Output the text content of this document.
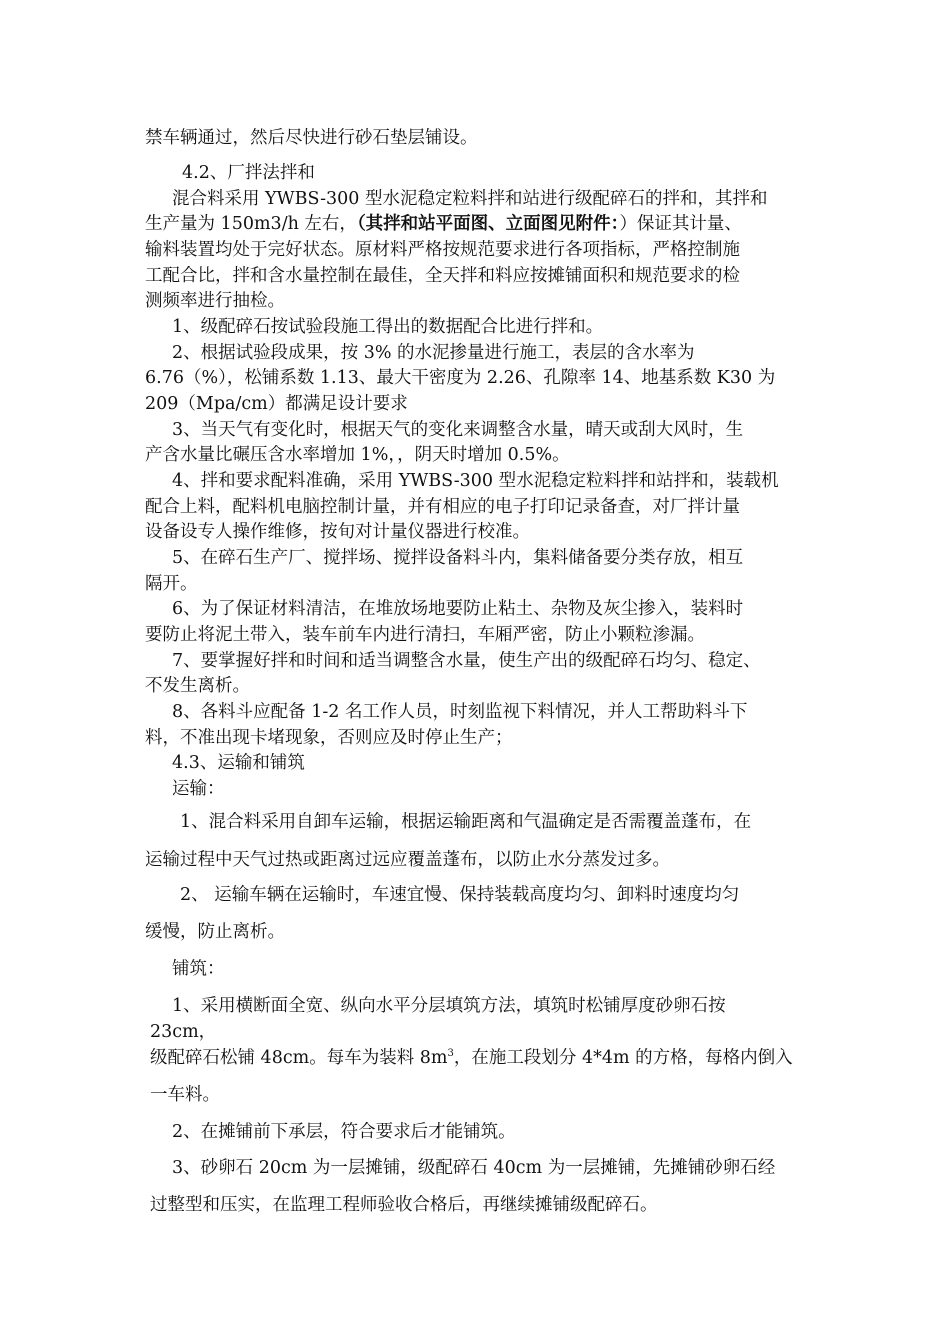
禁车辆通过，然后尽快进行砂石垫层铺设。
4.2、厂拌法拌和
混合料采用 YWBS-300 型水泥稳定粒料拌和站进行级配碎石的拌和，其拌和
生产量为 150m3/h 左右，（其拌和站平面图、立面图见附件：）保证其计量、
输料装置均处于完好状态。原材料严格按规范要求进行各项指标，严格控制施
工配合比，拌和含水量控制在最佳，全天拌和料应按摊铺面积和规范要求的检
测频率进行抽检。
1、级配碎石按试验段施工得出的数据配合比进行拌和。
2、根据试验段成果，按 3% 的水泥掺量进行施工，表层的含水率为
6.76（%），松铺系数 1.13、最大干密度为 2.26、孔隙率 14、地基系数 K30 为
209（Mpa/cm）都满足设计要求
3、当天气有变化时，根据天气的变化来调整含水量，晴天或刮大风时，生
产含水量比碾压含水率增加 1%，，阴天时增加 0.5%。
4、拌和要求配料准确，采用 YWBS-300 型水泥稳定粒料拌和站拌和，装载机
配合上料，配料机电脑控制计量，并有相应的电子打印记录备查，对厂拌计量
设备设专人操作维修，按旬对计量仪器进行校准。
5、在碎石生产厂、搅拌场、搅拌设备料斗内，集料储备要分类存放，相互
隔开。
6、为了保证材料清洁，在堆放场地要防止粘土、杂物及灰尘掺入，装料时
要防止将泥土带入，装车前车内进行清扫，车厢严密，防止小颗粒渗漏。
7、要掌握好拌和时间和适当调整含水量，使生产出的级配碎石均匀、稳定、
不发生离析。
8、各料斗应配备 1-2 名工作人员，时刻监视下料情况，并人工帮助料斗下
料，不准出现卡堵现象，否则应及时停止生产；
4.3、运输和铺筑
运输：
1、混合料采用自卸车运输，根据运输距离和气温确定是否需覆盖蓬布，在
运输过程中天气过热或距离过远应覆盖蓬布，以防止水分蒸发过多。
2、 运输车辆在运输时，车速宜慢、保持装载高度均匀、卸料时速度均匀
缓慢，防止离析。
铺筑：
1、采用横断面全宽、纵向水平分层填筑方法，填筑时松铺厚度砂卵石按
23cm，
级配碎石松铺 48cm。每车为装料 $8m^3$，在施工段划分 4*4m 的方格，每格内倒入
一车料。
2、在摊铺前下承层，符合要求后才能铺筑。
3、砂卵石 20cm 为一层摊铺，级配碎石 40cm 为一层摊铺，先摊铺砂卵石经
过整型和压实，在监理工程师验收合格后，再继续摊铺级配碎石。
